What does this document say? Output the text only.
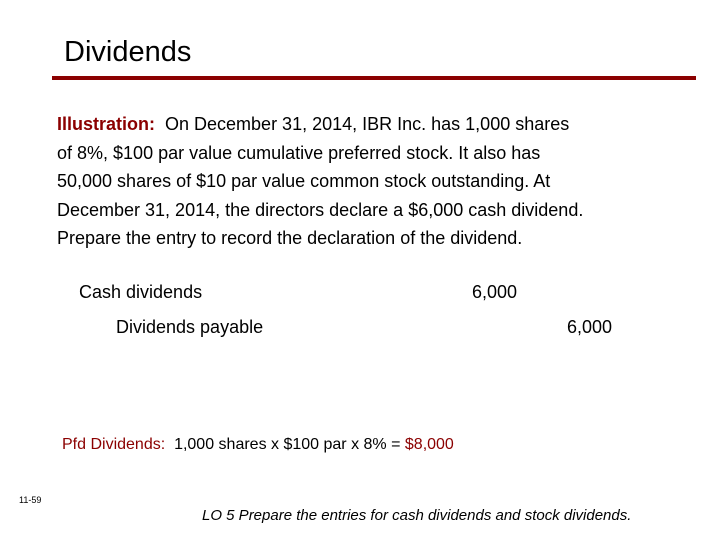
Dividends
Illustration: On December 31, 2014, IBR Inc. has 1,000 shares
of 8%, $100 par value cumulative preferred stock. It also has
50,000 shares of $10 par value common stock outstanding. At
December 31, 2014, the directors declare a $6,000 cash dividend.
Prepare the entry to record the declaration of the dividend.
Cash dividends	6,000
Dividends payable	6,000
Pfd Dividends: 1,000 shares x $100 par x 8% = $8,000
11-59
LO 5 Prepare the entries for cash dividends and stock dividends.
